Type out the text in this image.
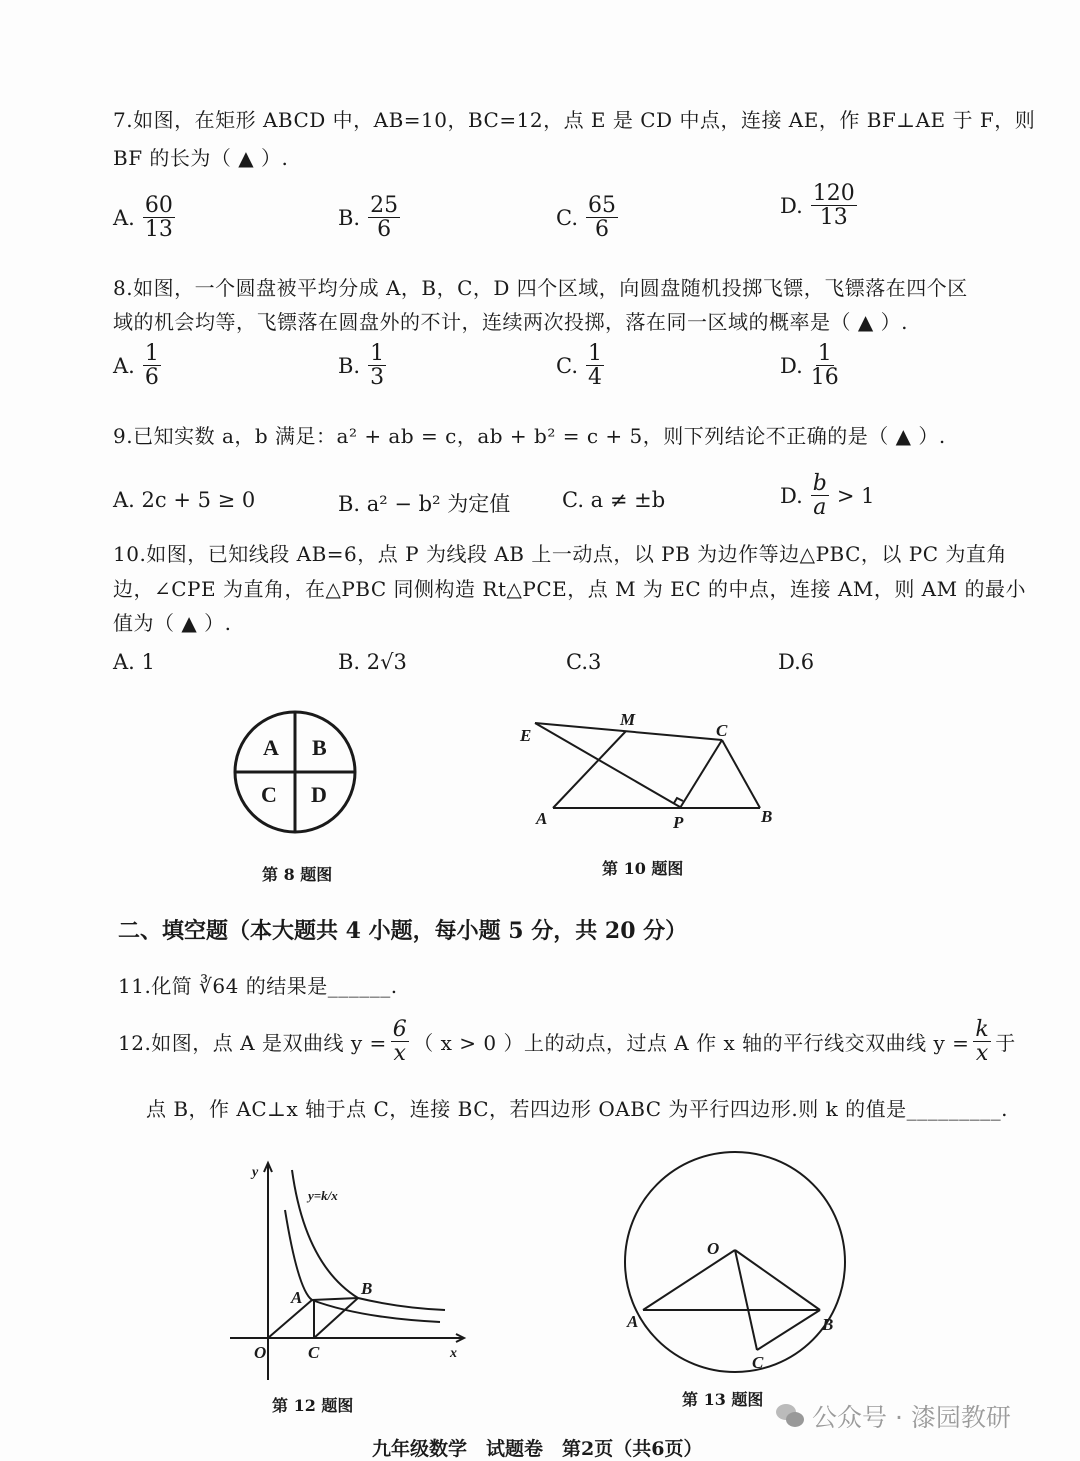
7.如图，在矩形 ABCD 中，AB=10，BC=12，点 E 是 CD 中点，连接 AE，作 BF⊥AE 于 F，则
BF 的长为（ ▲ ）.
A. $\frac{60}{13}$	B. $\frac{25}{6}$	C. $\frac{65}{6}$	D. $\frac{120}{13}$
8.如图，一个圆盘被平均分成 A，B，C，D 四个区域，向圆盘随机投掷飞镖，飞镖落在四个区
域的机会均等，飞镖落在圆盘外的不计，连续两次投掷，落在同一区域的概率是（ ▲ ）.
A. $\frac{1}{6}$	B. $\frac{1}{3}$	C. $\frac{1}{4}$	D. $\frac{1}{16}$
9.已知实数 a，b 满足：a² + ab = c，ab + b² = c + 5，则下列结论不正确的是（ ▲ ）.
A. 2c + 5 ≥ 0	B. a² − b² 为定值 C. a ≠ ±b	D. $\frac{b}{a} > 1$
10.如图，已知线段 AB=6，点 P 为线段 AB 上一动点，以 PB 为边作等边△PBC，以 PC 为直角
边，∠CPE 为直角，在△PBC 同侧构造 Rt△PCE，点 M 为 EC 的中点，连接 AM，则 AM 的最小
值为（ ▲ ）.
A. 1	B. 2√3	C.3	D.6
A B
C D
E
M
C
A	P	B
y
x
O
A	B
C
y=k/x
O
A	B
C
第 8 题图	第 10 题图
二、填空题（本大题共 4 小题，每小题 5 分，共 20 分）
11.化简 ∛64 的结果是______.
12.如图，点 A 是双曲线 $y = \frac{6}{x}$ （ x > 0 ）上的动点，过点 A 作 x 轴的平行线交双曲线 $y = \frac{k}{x}$ 于
点 B，作 AC⊥x 轴于点 C，连接 BC，若四边形 OABC 为平行四边形.则 k 的值是_________.
第 12 题图	第 13 题图
公众号 · 漆园教研
九年级数学　试题卷　第2页（共6页）
